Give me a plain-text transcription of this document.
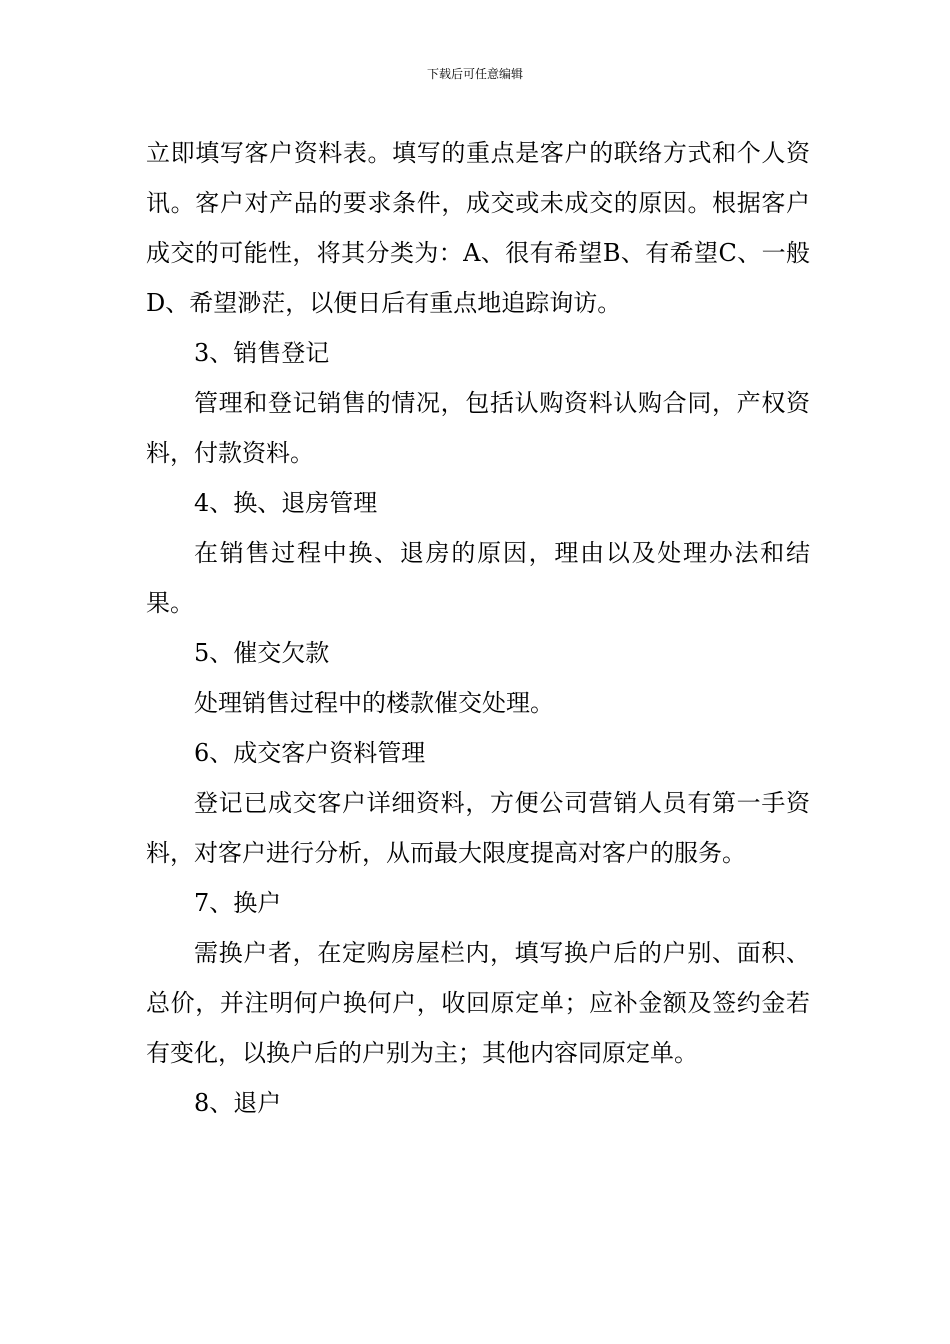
下载后可任意编辑

立即填写客户资料表。填写的重点是客户的联络方式和个人资讯。客户对产品的要求条件，成交或未成交的原因。根据客户成交的可能性，将其分类为：A、很有希望B、有希望C、一般D、希望渺茫，以便日后有重点地追踪询访。

3、销售登记

管理和登记销售的情况，包括认购资料认购合同，产权资料，付款资料。

4、换、退房管理

在销售过程中换、退房的原因，理由以及处理办法和结果。

5、催交欠款

处理销售过程中的楼款催交处理。

6、成交客户资料管理

登记已成交客户详细资料，方便公司营销人员有第一手资料，对客户进行分析，从而最大限度提高对客户的服务。

7、换户

需换户者，在定购房屋栏内，填写换户后的户别、面积、总价，并注明何户换何户，收回原定单；应补金额及签约金若有变化，以换户后的户别为主；其他内容同原定单。

8、退户
